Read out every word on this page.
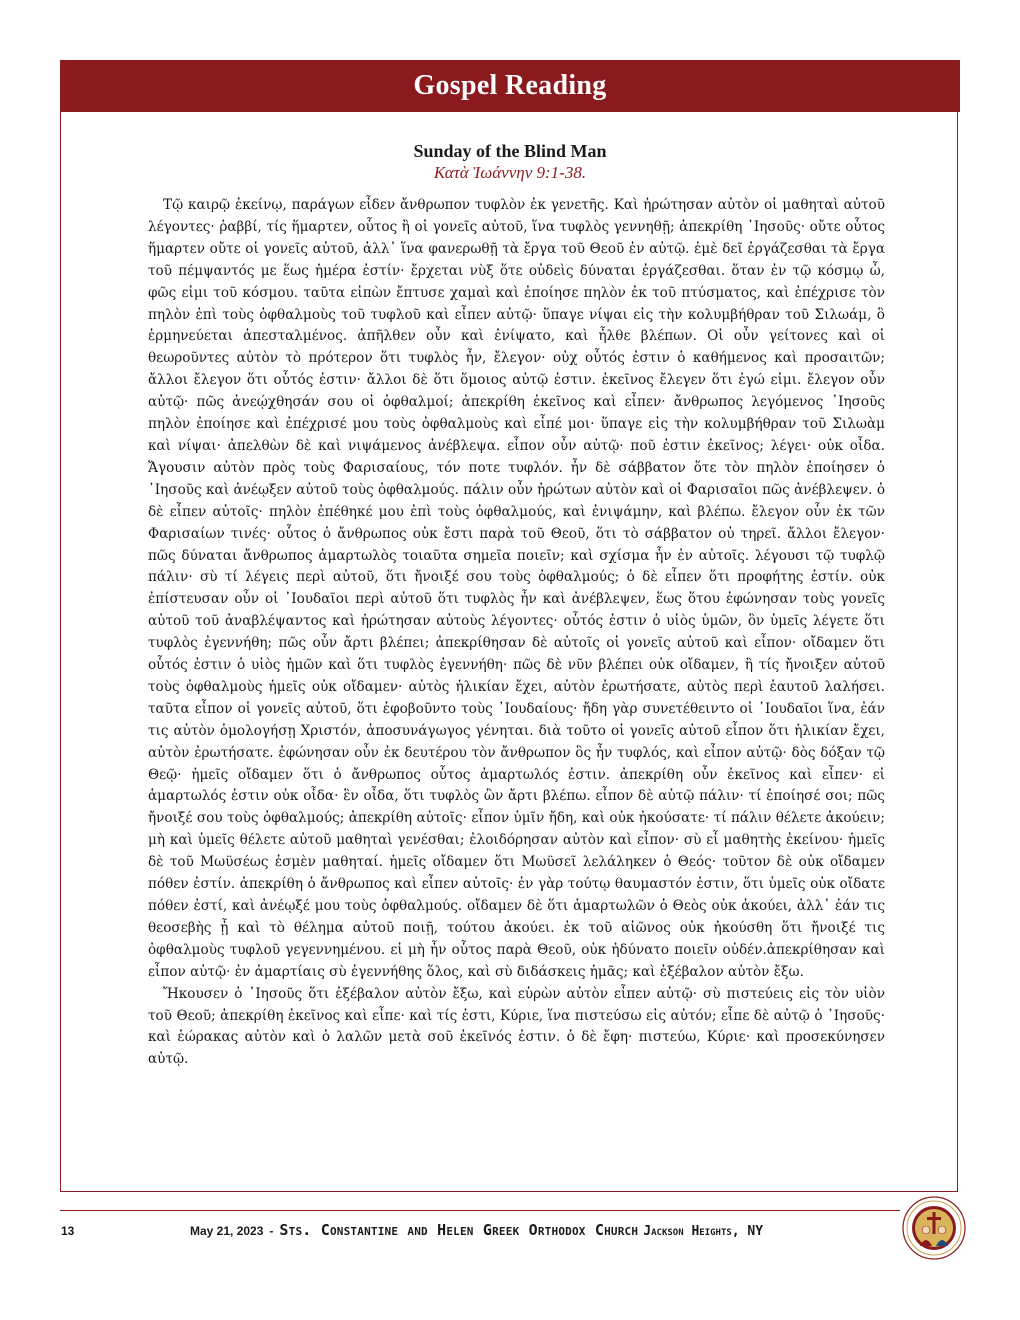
Gospel Reading
Sunday of the Blind Man
Κατὰ Ἰωάννην 9:1-38.

Τῷ καιρῷ ἐκείνῳ, παράγων εἶδεν ἄνθρωπον τυφλὸν ἐκ γενετῆς. Καὶ ἠρώτησαν αὐτὸν οἱ μαθηταὶ αὐτοῦ λέγοντες· ῥαββί, τίς ἥμαρτεν, οὗτος ἢ οἱ γονεῖς αὐτοῦ, ἵνα τυφλὸς γεννηθῇ; ἀπεκρίθη ᾿Ιησοῦς· οὔτε οὗτος ἥμαρτεν οὔτε οἱ γονεῖς αὐτοῦ, ἀλλ᾿ ἵνα φανερωθῇ τὰ ἔργα τοῦ Θεοῦ ἐν αὐτῷ. ἐμὲ δεῖ ἐργάζεσθαι τὰ ἔργα τοῦ πέμψαντός με ἕως ἡμέρα ἐστίν· ἔρχεται νὺξ ὅτε οὐδεὶς δύναται ἐργάζεσθαι. ὅταν ἐν τῷ κόσμῳ ὦ, φῶς εἰμι τοῦ κόσμου. ταῦτα εἰπὼν ἔπτυσε χαμαὶ καὶ ἐποίησε πηλὸν ἐκ τοῦ πτύσματος, καὶ ἐπέχρισε τὸν πηλὸν ἐπὶ τοὺς ὀφθαλμοὺς τοῦ τυφλοῦ καὶ εἶπεν αὐτῷ· ὕπαγε νίψαι εἰς τὴν κολυμβήθραν τοῦ Σιλωάμ, ὃ ἑρμηνεύεται ἀπεσταλμένος. ἀπῆλθεν οὖν καὶ ἐνίψατο, καὶ ἦλθε βλέπων. Οἱ οὖν γείτονες καὶ οἱ θεωροῦντες αὐτὸν τὸ πρότερον ὅτι τυφλὸς ἦν, ἔλεγον· οὐχ οὗτός ἐστιν ὁ καθήμενος καὶ προσαιτῶν; ἄλλοι ἔλεγον ὅτι οὗτός ἐστιν· ἄλλοι δὲ ὅτι ὅμοιος αὐτῷ ἐστιν. ἐκεῖνος ἔλεγεν ὅτι ἐγώ εἰμι. ἔλεγον οὖν αὐτῷ· πῶς ἀνεῴχθησάν σου οἱ ὀφθαλμοί; ἀπεκρίθη ἐκεῖνος καὶ εἶπεν· ἄνθρωπος λεγόμενος ᾿Ιησοῦς πηλὸν ἐποίησε καὶ ἐπέχρισέ μου τοὺς ὀφθαλμοὺς καὶ εἶπέ μοι· ὕπαγε εἰς τὴν κολυμβήθραν τοῦ Σιλωὰμ καὶ νίψαι· ἀπελθὼν δὲ καὶ νιψάμενος ἀνέβλεψα. εἶπον οὖν αὐτῷ· ποῦ ἐστιν ἐκεῖνος; λέγει· οὐκ οἶδα. Ἄγουσιν αὐτὸν πρὸς τοὺς Φαρισαίους, τόν ποτε τυφλόν. ἦν δὲ σάββατον ὅτε τὸν πηλὸν ἐποίησεν ὁ ᾿Ιησοῦς καὶ ἀνέῳξεν αὐτοῦ τοὺς ὀφθαλμούς. πάλιν οὖν ἠρώτων αὐτὸν καὶ οἱ Φαρισαῖοι πῶς ἀνέβλεψεν. ὁ δὲ εἶπεν αὐτοῖς· πηλὸν ἐπέθηκέ μου ἐπὶ τοὺς ὀφθαλμούς, καὶ ἐνιψάμην, καὶ βλέπω. ἔλεγον οὖν ἐκ τῶν Φαρισαίων τινές· οὗτος ὁ ἄνθρωπος οὐκ ἔστι παρὰ τοῦ Θεοῦ, ὅτι τὸ σάββατον οὐ τηρεῖ. ἄλλοι ἔλεγον· πῶς δύναται ἄνθρωπος ἁμαρτωλὸς τοιαῦτα σημεῖα ποιεῖν; καὶ σχίσμα ἦν ἐν αὐτοῖς. λέγουσι τῷ τυφλῷ πάλιν· σὺ τί λέγεις περὶ αὐτοῦ, ὅτι ἤνοιξέ σου τοὺς ὀφθαλμούς; ὁ δὲ εἶπεν ὅτι προφήτης ἐστίν. οὐκ ἐπίστευσαν οὖν οἱ ᾿Ιουδαῖοι περὶ αὐτοῦ ὅτι τυφλὸς ἦν καὶ ἀνέβλεψεν, ἕως ὅτου ἐφώνησαν τοὺς γονεῖς αὐτοῦ τοῦ ἀναβλέψαντος καὶ ἠρώτησαν αὐτοὺς λέγοντες· οὗτός ἐστιν ὁ υἱὸς ὑμῶν, ὃν ὑμεῖς λέγετε ὅτι τυφλὸς ἐγεννήθη; πῶς οὖν ἄρτι βλέπει; ἀπεκρίθησαν δὲ αὐτοῖς οἱ γονεῖς αὐτοῦ καὶ εἶπον· οἴδαμεν ὅτι οὗτός ἐστιν ὁ υἱὸς ἡμῶν καὶ ὅτι τυφλὸς ἐγεννήθη· πῶς δὲ νῦν βλέπει οὐκ οἴδαμεν, ἢ τίς ἤνοιξεν αὐτοῦ τοὺς ὀφθαλμοὺς ἡμεῖς οὐκ οἴδαμεν· αὐτὸς ἡλικίαν ἔχει, αὐτὸν ἐρωτήσατε, αὐτὸς περὶ ἑαυτοῦ λαλήσει. ταῦτα εἶπον οἱ γονεῖς αὐτοῦ, ὅτι ἐφοβοῦντο τοὺς ᾿Ιουδαίους· ἤδη γὰρ συνετέθειντο οἱ ᾿Ιουδαῖοι ἵνα, ἐάν τις αὐτὸν ὁμολογήσῃ Χριστόν, ἀποσυνάγωγος γένηται. διὰ τοῦτο οἱ γονεῖς αὐτοῦ εἶπον ὅτι ἡλικίαν ἔχει, αὐτὸν ἐρωτήσατε. ἐφώνησαν οὖν ἐκ δευτέρου τὸν ἄνθρωπον ὃς ἦν τυφλός, καὶ εἶπον αὐτῷ· δὸς δόξαν τῷ Θεῷ· ἡμεῖς οἴδαμεν ὅτι ὁ ἄνθρωπος οὗτος ἁμαρτωλός ἐστιν. ἀπεκρίθη οὖν ἐκεῖνος καὶ εἶπεν· εἰ ἁμαρτωλός ἐστιν οὐκ οἶδα· ἓν οἶδα, ὅτι τυφλὸς ὢν ἄρτι βλέπω. εἶπον δὲ αὐτῷ πάλιν· τί ἐποίησέ σοι; πῶς ἤνοιξέ σου τοὺς ὀφθαλμούς; ἀπεκρίθη αὐτοῖς· εἶπον ὑμῖν ἤδη, καὶ οὐκ ἠκούσατε· τί πάλιν θέλετε ἀκούειν; μὴ καὶ ὑμεῖς θέλετε αὐτοῦ μαθηταὶ γενέσθαι; ἐλοιδόρησαν αὐτὸν καὶ εἶπον· σὺ εἶ μαθητὴς ἐκείνου· ἡμεῖς δὲ τοῦ Μωϋσέως ἐσμὲν μαθηταί. ἡμεῖς οἴδαμεν ὅτι Μωϋσεῖ λελάληκεν ὁ Θεός· τοῦτον δὲ οὐκ οἴδαμεν πόθεν ἐστίν. ἀπεκρίθη ὁ ἄνθρωπος καὶ εἶπεν αὐτοῖς· ἐν γὰρ τούτῳ θαυμαστόν ἐστιν, ὅτι ὑμεῖς οὐκ οἴδατε πόθεν ἐστί, καὶ ἀνέῳξέ μου τοὺς ὀφθαλμούς. οἴδαμεν δὲ ὅτι ἁμαρτωλῶν ὁ Θεὸς οὐκ ἀκούει, ἀλλ᾿ ἐάν τις θεοσεβὴς ᾖ καὶ τὸ θέλημα αὐτοῦ ποιῇ, τούτου ἀκούει. ἐκ τοῦ αἰῶνος οὐκ ἠκούσθη ὅτι ἤνοιξέ τις ὀφθαλμοὺς τυφλοῦ γεγεννημένου. εἰ μὴ ἦν οὗτος παρὰ Θεοῦ, οὐκ ἠδύνατο ποιεῖν οὐδέν.ἀπεκρίθησαν καὶ εἶπον αὐτῷ· ἐν ἁμαρτίαις σὺ ἐγεννήθης ὅλος, καὶ σὺ διδάσκεις ἡμᾶς; καὶ ἐξέβαλον αὐτὸν ἔξω.

Ἤκουσεν ὁ ᾿Ιησοῦς ὅτι ἐξέβαλον αὐτὸν ἔξω, καὶ εὑρὼν αὐτὸν εἶπεν αὐτῷ· σὺ πιστεύεις εἰς τὸν υἱὸν τοῦ Θεοῦ; ἀπεκρίθη ἐκεῖνος καὶ εἶπε· καὶ τίς ἐστι, Κύριε, ἵνα πιστεύσω εἰς αὐτόν; εἶπε δὲ αὐτῷ ὁ ᾿Ιησοῦς· καὶ ἑώρακας αὐτὸν καὶ ὁ λαλῶν μετὰ σοῦ ἐκεῖνός ἐστιν. ὁ δὲ ἔφη· πιστεύω, Κύριε· καὶ προσεκύνησεν αὐτῷ.

13	May 21, 2023 - Sts. Constantine and Helen Greek Orthodox Church Jackson Heights, NY
